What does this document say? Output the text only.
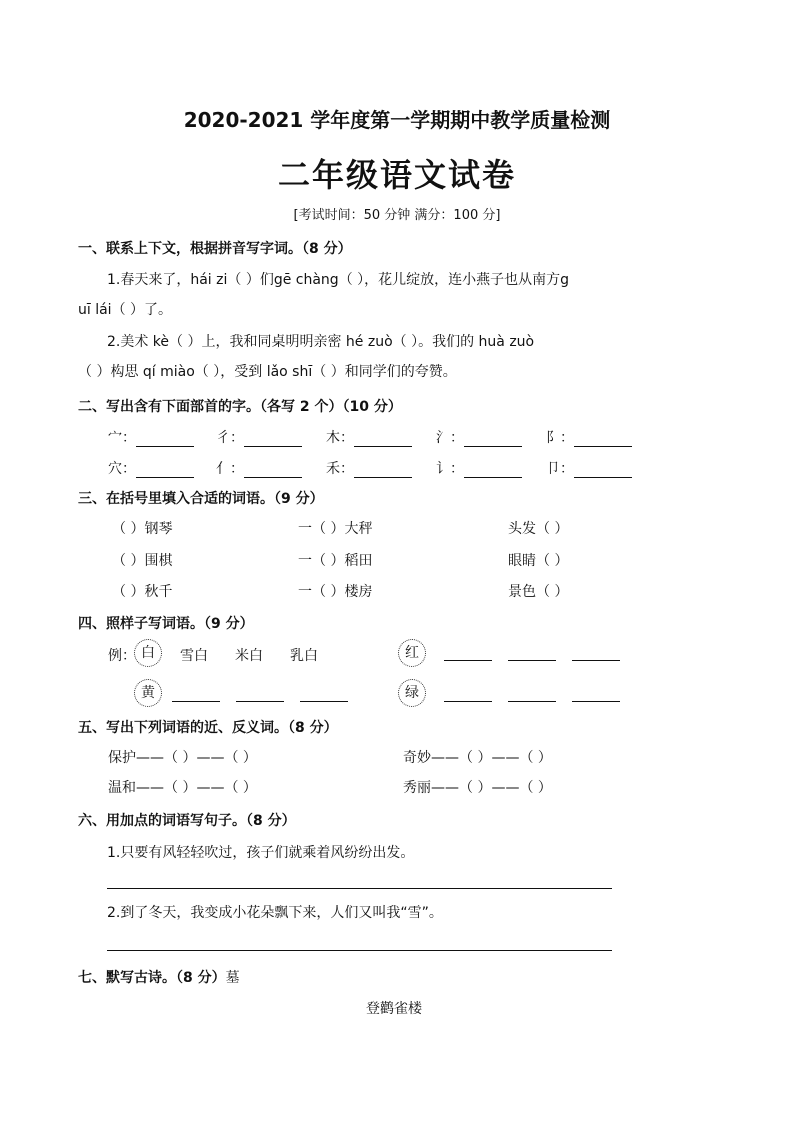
2020-2021 学年度第一学期期中教学质量检测
二年级语文试卷
[考试时间：50 分钟 满分：100 分]
一、联系上下文，根据拼音写字词。（8 分）
1.春天来了，hái zi（ ）们gē chàng（ ），花儿绽放，连小燕子也从南方g
uī lái（ ）了。
2.美术 kè（ ）上，我和同桌明明亲密 hé zuò（ ）。我们的 huà zuò
（ ）构思 qí miào（ ），受到 lǎo shī（ ）和同学们的夸赞。
二、写出含有下面部首的字。（各写 2 个）（10 分）
宀：	彳：	木：	氵：	阝：
穴：	亻：	禾：	讠：	卩：
三、在括号里填入合适的词语。（9 分）
（ ）钢琴	一（ ）大秤	头发（ ）
（ ）围棋	一（ ）稻田	眼睛（ ）
（ ）秋千	一（ ）楼房	景色（ ）
四、照样子写词语。（9 分）
例： 白	雪白 米白 乳白	红
黄	绿
五、写出下列词语的近、反义词。（8 分）
保护——（ ）——（ ）	奇妙——（ ）——（ ）
温和——（ ）——（ ）	秀丽——（ ）——（ ）
六、用加点的词语写句子。（8 分）
1.只要有风轻轻吹过，孩子们就乘着风纷纷出发。
2.到了冬天，我变成小花朵飘下来，人们又叫我“雪”。
七、默写古诗。（8 分）墓
登鹳雀楼
